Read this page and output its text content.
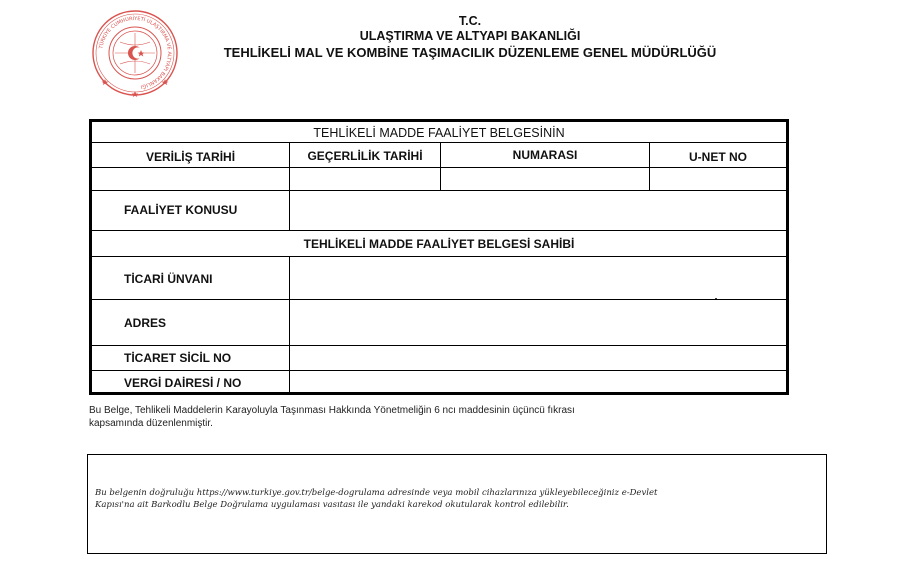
TÜRKİYE CUMHURİYETİ ULAŞTIRMA VE ALTYAPI BAKANLIĞI
T.C.
ULAŞTIRMA VE ALTYAPI BAKANLIĞI
TEHLİKELİ MAL VE KOMBİNE TAŞIMACILIK DÜZENLEME GENEL MÜDÜRLÜĞÜ
TEHLİKELİ MADDE FAALİYET BELGESİNİN
VERİLİŞ TARİHİ	GEÇERLİLİK TARİHİ	NUMARASI	U-NET NO
FAALİYET KONUSU
TEHLİKELİ MADDE FAALİYET BELGESİ SAHİBİ
TİCARİ ÜNVANI
ADRES
TİCARET SİCİL NO
VERGİ DAİRESİ / NO
Bu Belge, Tehlikeli Maddelerin Karayoluyla Taşınması Hakkında Yönetmeliğin 6 ncı maddesinin üçüncü fıkrası
kapsamında düzenlenmiştir.
Bu belgenin doğruluğu https://www.turkiye.gov.tr/belge-dogrulama adresinde veya mobil cihazlarınıza yükleyebileceğiniz e-Devlet
Kapısı'na ait Barkodlu Belge Doğrulama uygulaması vasıtası ile yandaki karekod okutularak kontrol edilebilir.
